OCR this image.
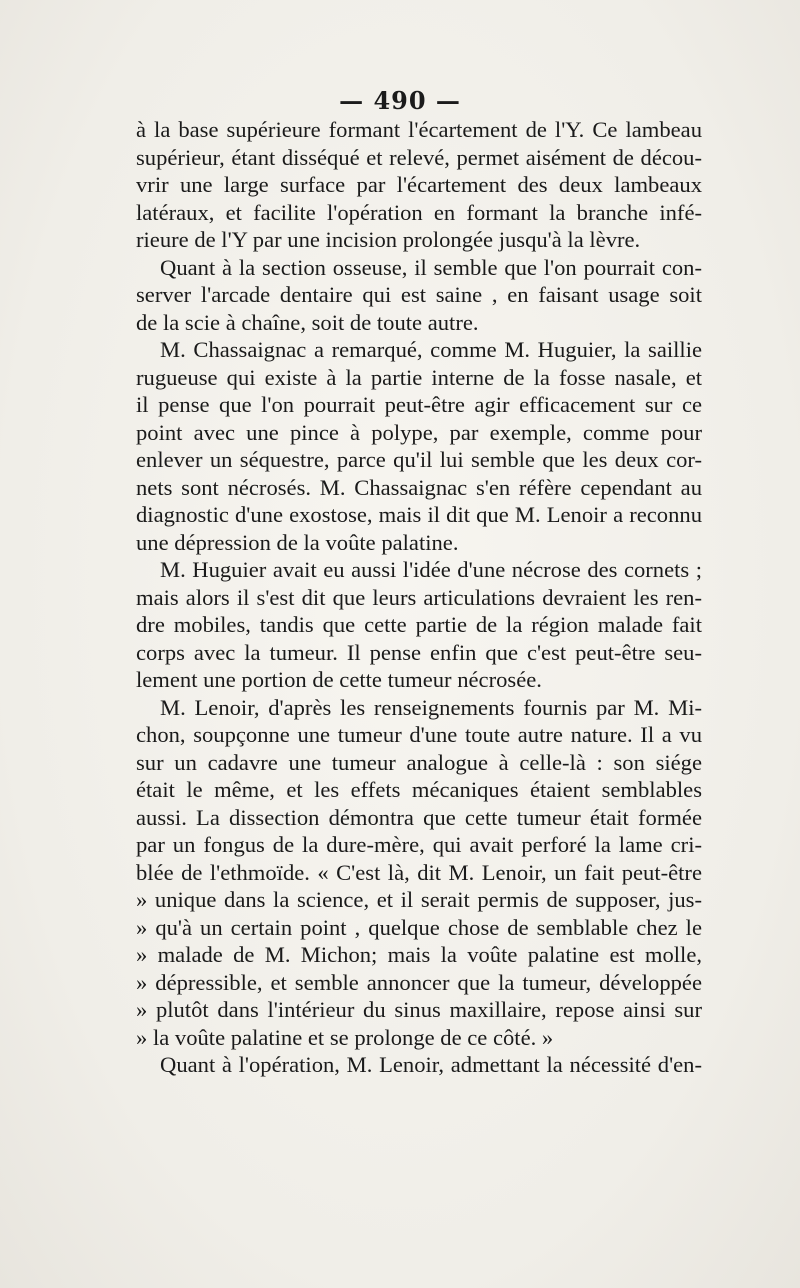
— 490 —
à la base supérieure formant l'écartement de l'Y. Ce lambeau
supérieur, étant disséqué et relevé, permet aisément de décou-
vrir une large surface par l'écartement des deux lambeaux
latéraux, et facilite l'opération en formant la branche infé-
rieure de l'Y par une incision prolongée jusqu'à la lèvre.
Quant à la section osseuse, il semble que l'on pourrait con-
server l'arcade dentaire qui est saine , en faisant usage soit
de la scie à chaîne, soit de toute autre.
M. Chassaignac a remarqué, comme M. Huguier, la saillie
rugueuse qui existe à la partie interne de la fosse nasale, et
il pense que l'on pourrait peut-être agir efficacement sur ce
point avec une pince à polype, par exemple, comme pour
enlever un séquestre, parce qu'il lui semble que les deux cor-
nets sont nécrosés. M. Chassaignac s'en réfère cependant au
diagnostic d'une exostose, mais il dit que M. Lenoir a reconnu
une dépression de la voûte palatine.
M. Huguier avait eu aussi l'idée d'une nécrose des cornets ;
mais alors il s'est dit que leurs articulations devraient les ren-
dre mobiles, tandis que cette partie de la région malade fait
corps avec la tumeur. Il pense enfin que c'est peut-être seu-
lement une portion de cette tumeur nécrosée.
M. Lenoir, d'après les renseignements fournis par M. Mi-
chon, soupçonne une tumeur d'une toute autre nature. Il a vu
sur un cadavre une tumeur analogue à celle-là : son siége
était le même, et les effets mécaniques étaient semblables
aussi. La dissection démontra que cette tumeur était formée
par un fongus de la dure-mère, qui avait perforé la lame cri-
blée de l'ethmoïde. « C'est là, dit M. Lenoir, un fait peut-être
» unique dans la science, et il serait permis de supposer, jus-
» qu'à un certain point , quelque chose de semblable chez le
» malade de M. Michon; mais la voûte palatine est molle,
» dépressible, et semble annoncer que la tumeur, développée
» plutôt dans l'intérieur du sinus maxillaire, repose ainsi sur
» la voûte palatine et se prolonge de ce côté. »
Quant à l'opération, M. Lenoir, admettant la nécessité d'en-
